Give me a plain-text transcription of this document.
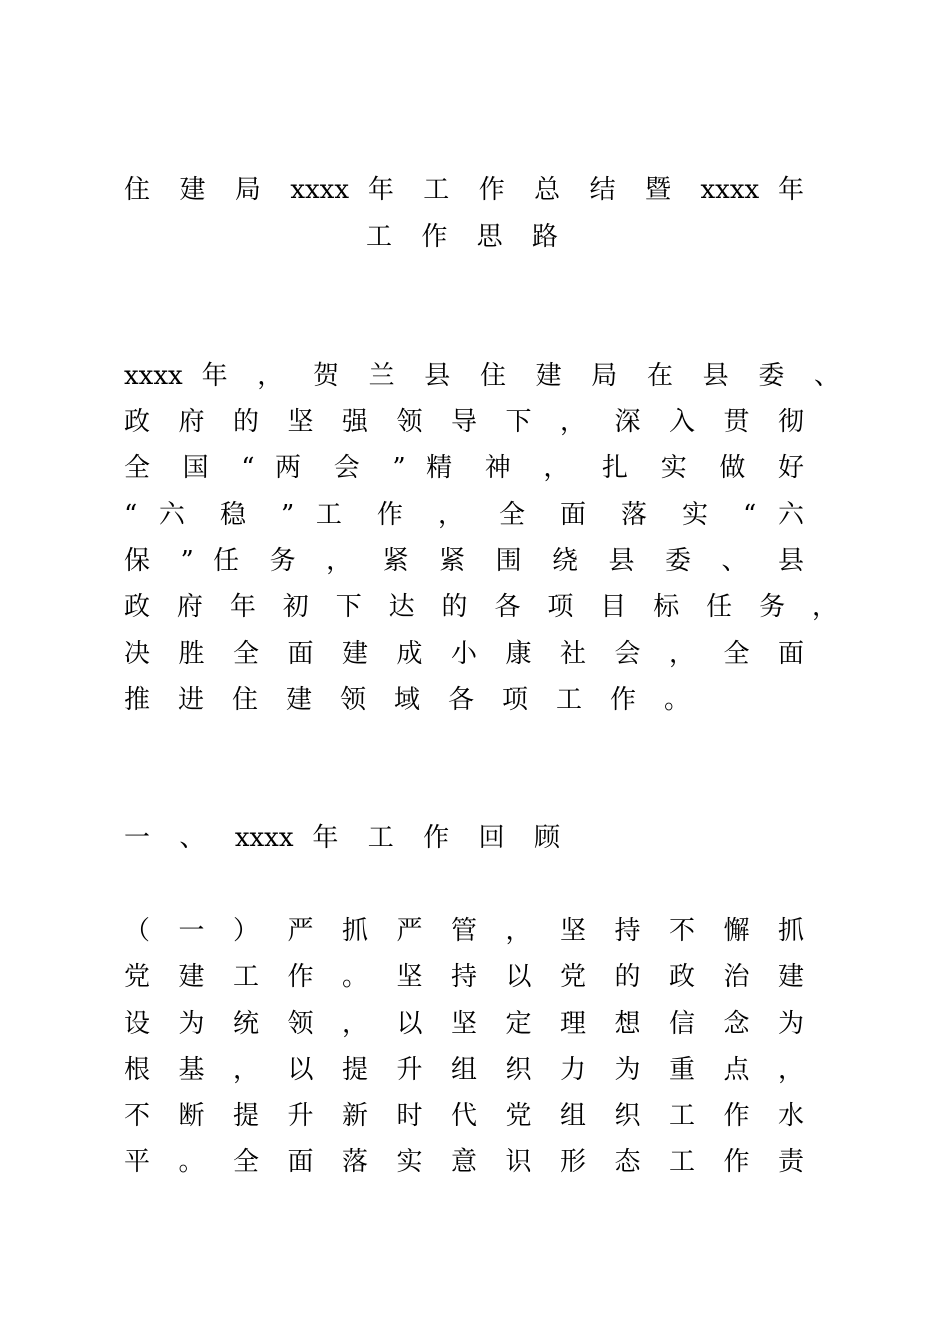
住 建 局 xxxx 年 工 作 总 结 暨 xxxx 年
工 作 思 路
xxxx 年 ， 贺 兰 县 住 建 局 在 县 委 、
政 府 的 坚 强 领 导 下 ， 深 入 贯 彻
全 国 “ 两 会 ” 精 神 ， 扎 实 做 好
“ 六 稳 ” 工 作 ， 全 面 落 实 “ 六
保 ” 任 务 ， 紧 紧 围 绕 县 委 、 县
政 府 年 初 下 达 的 各 项 目 标 任 务 ，
决 胜 全 面 建 成 小 康 社 会 ， 全 面
推 进 住 建 领 域 各 项 工 作 。
一 、 xxxx 年 工 作 回 顾
（ 一 ） 严 抓 严 管 ， 坚 持 不 懈 抓
党 建 工 作 。 坚 持 以 党 的 政 治 建
设 为 统 领 ， 以 坚 定 理 想 信 念 为
根 基 ， 以 提 升 组 织 力 为 重 点 ，
不 断 提 升 新 时 代 党 组 织 工 作 水
平 。 全 面 落 实 意 识 形 态 工 作 责
